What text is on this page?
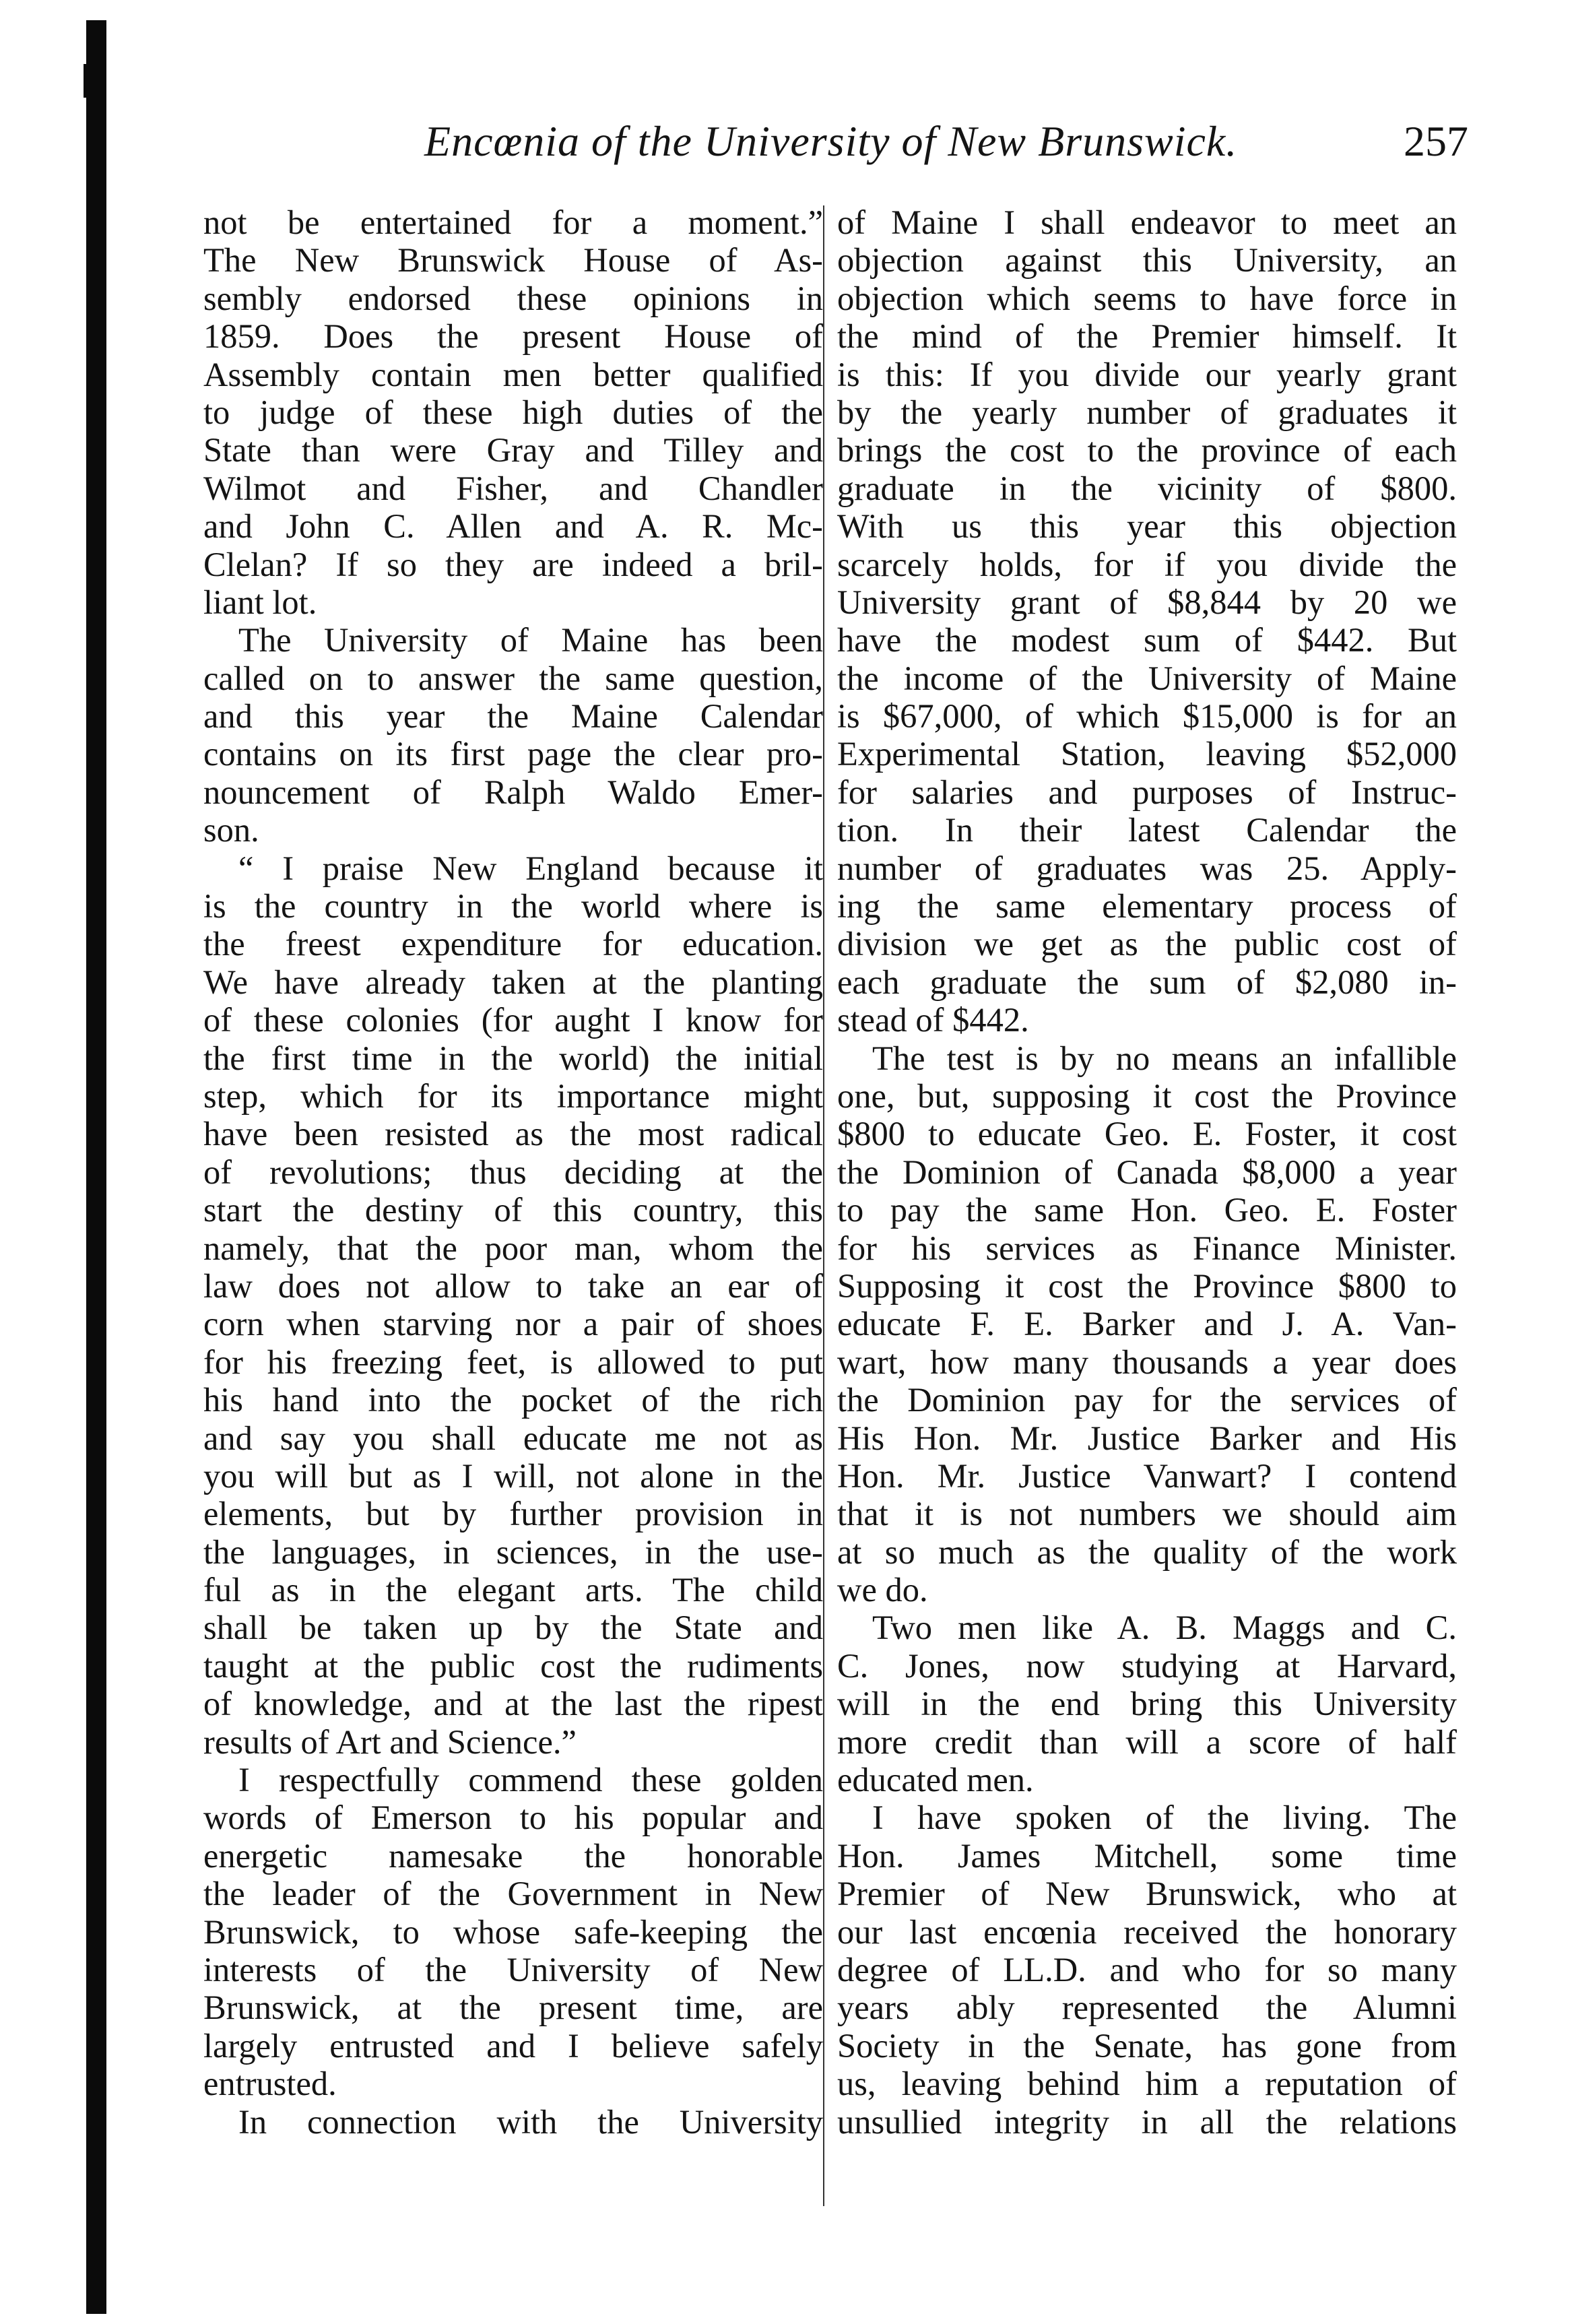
Encœnia of the University of New Brunswick.	257
not be entertained for a moment.”
The New Brunswick House of As-
sembly endorsed these opinions in
1859. Does the present House of
Assembly contain men better qualified
to judge of these high duties of the
State than were Gray and Tilley and
Wilmot and Fisher, and Chandler
and John C. Allen and A. R. Mc-
Clelan? If so they are indeed a bril-
liant lot.
The University of Maine has been
called on to answer the same question,
and this year the Maine Calendar
contains on its first page the clear pro-
nouncement of Ralph Waldo Emer-
son.
“ I praise New England because it
is the country in the world where is
the freest expenditure for education.
We have already taken at the planting
of these colonies (for aught I know for
the first time in the world) the initial
step, which for its importance might
have been resisted as the most radical
of revolutions; thus deciding at the
start the destiny of this country, this
namely, that the poor man, whom the
law does not allow to take an ear of
corn when starving nor a pair of shoes
for his freezing feet, is allowed to put
his hand into the pocket of the rich
and say you shall educate me not as
you will but as I will, not alone in the
elements, but by further provision in
the languages, in sciences, in the use-
ful as in the elegant arts. The child
shall be taken up by the State and
taught at the public cost the rudiments
of knowledge, and at the last the ripest
results of Art and Science.”
I respectfully commend these golden
words of Emerson to his popular and
energetic namesake the honorable
the leader of the Government in New
Brunswick, to whose safe-keeping the
interests of the University of New
Brunswick, at the present time, are
largely entrusted and I believe safely
entrusted.
In connection with the University
of Maine I shall endeavor to meet an
objection against this University, an
objection which seems to have force in
the mind of the Premier himself. It
is this: If you divide our yearly grant
by the yearly number of graduates it
brings the cost to the province of each
graduate in the vicinity of $800.
With us this year this objection
scarcely holds, for if you divide the
University grant of $8,844 by 20 we
have the modest sum of $442. But
the income of the University of Maine
is $67,000, of which $15,000 is for an
Experimental Station, leaving $52,000
for salaries and purposes of Instruc-
tion. In their latest Calendar the
number of graduates was 25. Apply-
ing the same elementary process of
division we get as the public cost of
each graduate the sum of $2,080 in-
stead of $442.
The test is by no means an infallible
one, but, supposing it cost the Province
$800 to educate Geo. E. Foster, it cost
the Dominion of Canada $8,000 a year
to pay the same Hon. Geo. E. Foster
for his services as Finance Minister.
Supposing it cost the Province $800 to
educate F. E. Barker and J. A. Van-
wart, how many thousands a year does
the Dominion pay for the services of
His Hon. Mr. Justice Barker and His
Hon. Mr. Justice Vanwart? I contend
that it is not numbers we should aim
at so much as the quality of the work
we do.
Two men like A. B. Maggs and C.
C. Jones, now studying at Harvard,
will in the end bring this University
more credit than will a score of half
educated men.
I have spoken of the living. The
Hon. James Mitchell, some time
Premier of New Brunswick, who at
our last encœnia received the honorary
degree of LL.D. and who for so many
years ably represented the Alumni
Society in the Senate, has gone from
us, leaving behind him a reputation of
unsullied integrity in all the relations
